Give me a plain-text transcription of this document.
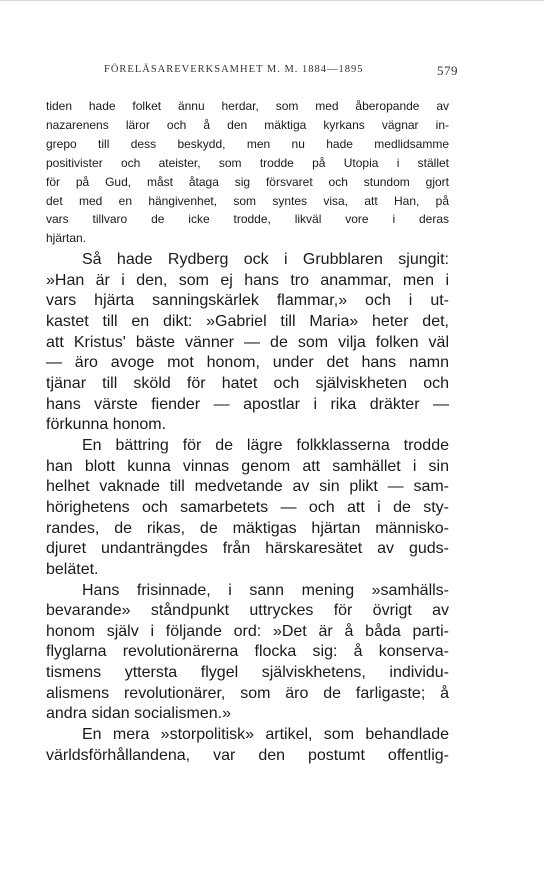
FÖRELÄSAREVERKSAMHET M. M. 1884—1895	579
tiden hade folket ännu herdar, som med åberopande av
nazarenens läror och å den mäktiga kyrkans vägnar in-
grepo till dess beskydd, men nu hade medlidsamme
positivister och ateister, som trodde på Utopia i stället
för på Gud, måst åtaga sig försvaret och stundom gjort
det med en hängivenhet, som syntes visa, att Han, på
vars tillvaro de icke trodde, likväl vore i deras
hjärtan.
Så hade Rydberg ock i Grubblaren sjungit:
»Han är i den, som ej hans tro anammar, men i
vars hjärta sanningskärlek flammar,» och i ut-
kastet till en dikt: »Gabriel till Maria» heter det,
att Kristus' bäste vänner — de som vilja folken väl
— äro avoge mot honom, under det hans namn
tjänar till sköld för hatet och själviskheten och
hans värste fiender — apostlar i rika dräkter —
förkunna honom.
En bättring för de lägre folkklasserna trodde
han blott kunna vinnas genom att samhället i sin
helhet vaknade till medvetande av sin plikt — sam-
hörighetens och samarbetets — och att i de sty-
randes, de rikas, de mäktigas hjärtan människo-
djuret undanträngdes från härskaresätet av guds-
belätet.
Hans frisinnade, i sann mening »samhälls-
bevarande» ståndpunkt uttryckes för övrigt av
honom själv i följande ord: »Det är å båda parti-
flyglarna revolutionärerna flocka sig: å konserva-
tismens yttersta flygel själviskhetens, individu-
alismens revolutionärer, som äro de farligaste; å
andra sidan socialismen.»
En mera »storpolitisk» artikel, som behandlade
världsförhållandena, var den postumt offentlig-
